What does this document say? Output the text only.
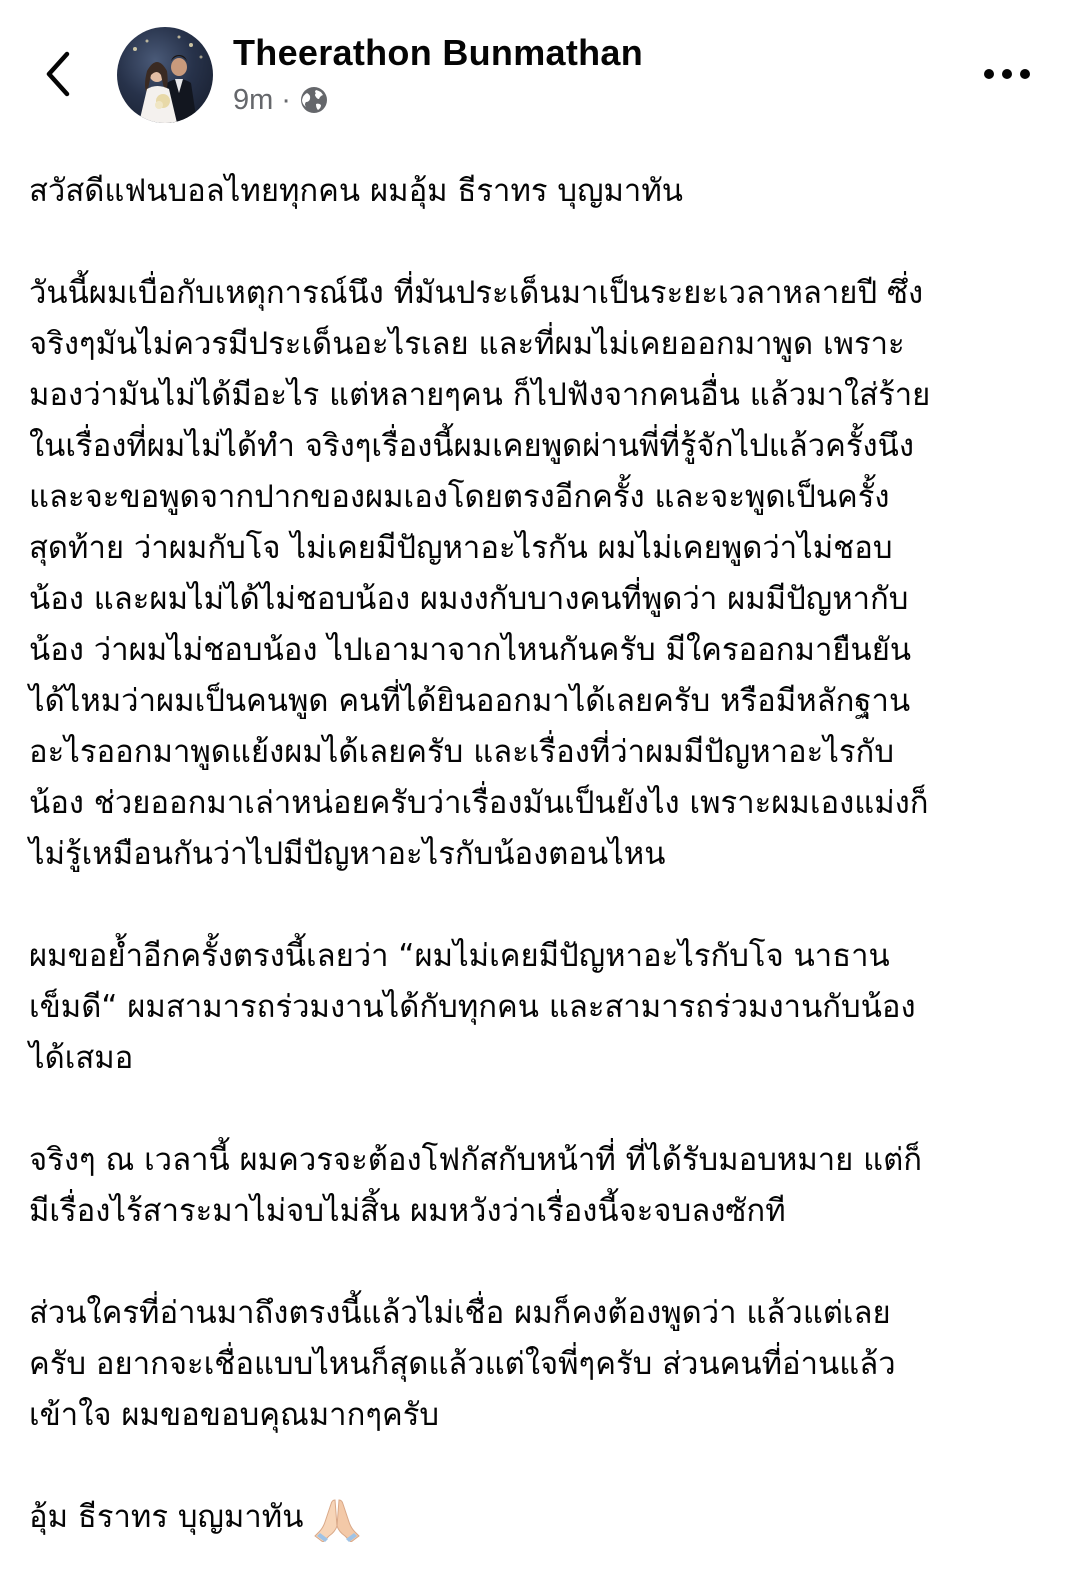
Theerathon Bunmathan
9m ·

สวัสดีแฟนบอลไทยทุกคน ผมอุ้ม ธีราทร บุญมาทัน

วันนี้ผมเบื่อกับเหตุการณ์นึง ที่มันประเด็นมาเป็นระยะเวลาหลายปี ซึ่ง
จริงๆมันไม่ควรมีประเด็นอะไรเลย และที่ผมไม่เคยออกมาพูด เพราะ
มองว่ามันไม่ได้มีอะไร แต่หลายๆคน ก็ไปฟังจากคนอื่น แล้วมาใส่ร้าย
ในเรื่องที่ผมไม่ได้ทำ จริงๆเรื่องนี้ผมเคยพูดผ่านพี่ที่รู้จักไปแล้วครั้งนึง
และจะขอพูดจากปากของผมเองโดยตรงอีกครั้ง และจะพูดเป็นครั้ง
สุดท้าย ว่าผมกับโจ ไม่เคยมีปัญหาอะไรกัน ผมไม่เคยพูดว่าไม่ชอบ
น้อง และผมไม่ได้ไม่ชอบน้อง ผมงงกับบางคนที่พูดว่า ผมมีปัญหากับ
น้อง ว่าผมไม่ชอบน้อง ไปเอามาจากไหนกันครับ มีใครออกมายืนยัน
ได้ไหมว่าผมเป็นคนพูด คนที่ได้ยินออกมาได้เลยครับ หรือมีหลักฐาน
อะไรออกมาพูดแย้งผมได้เลยครับ และเรื่องที่ว่าผมมีปัญหาอะไรกับ
น้อง ช่วยออกมาเล่าหน่อยครับว่าเรื่องมันเป็นยังไง เพราะผมเองแม่งก็
ไม่รู้เหมือนกันว่าไปมีปัญหาอะไรกับน้องตอนไหน

ผมขอย้ำอีกครั้งตรงนี้เลยว่า “ผมไม่เคยมีปัญหาอะไรกับโจ นาธาน
เข็มดี“ ผมสามารถร่วมงานได้กับทุกคน และสามารถร่วมงานกับน้อง
ได้เสมอ

จริงๆ ณ เวลานี้ ผมควรจะต้องโฟกัสกับหน้าที่ ที่ได้รับมอบหมาย แต่ก็
มีเรื่องไร้สาระมาไม่จบไม่สิ้น ผมหวังว่าเรื่องนี้จะจบลงซักที

ส่วนใครที่อ่านมาถึงตรงนี้แล้วไม่เชื่อ ผมก็คงต้องพูดว่า แล้วแต่เลย
ครับ อยากจะเชื่อแบบไหนก็สุดแล้วแต่ใจพี่ๆครับ ส่วนคนที่อ่านแล้ว
เข้าใจ ผมขอขอบคุณมากๆครับ

อุ้ม ธีราทร บุญมาทัน
